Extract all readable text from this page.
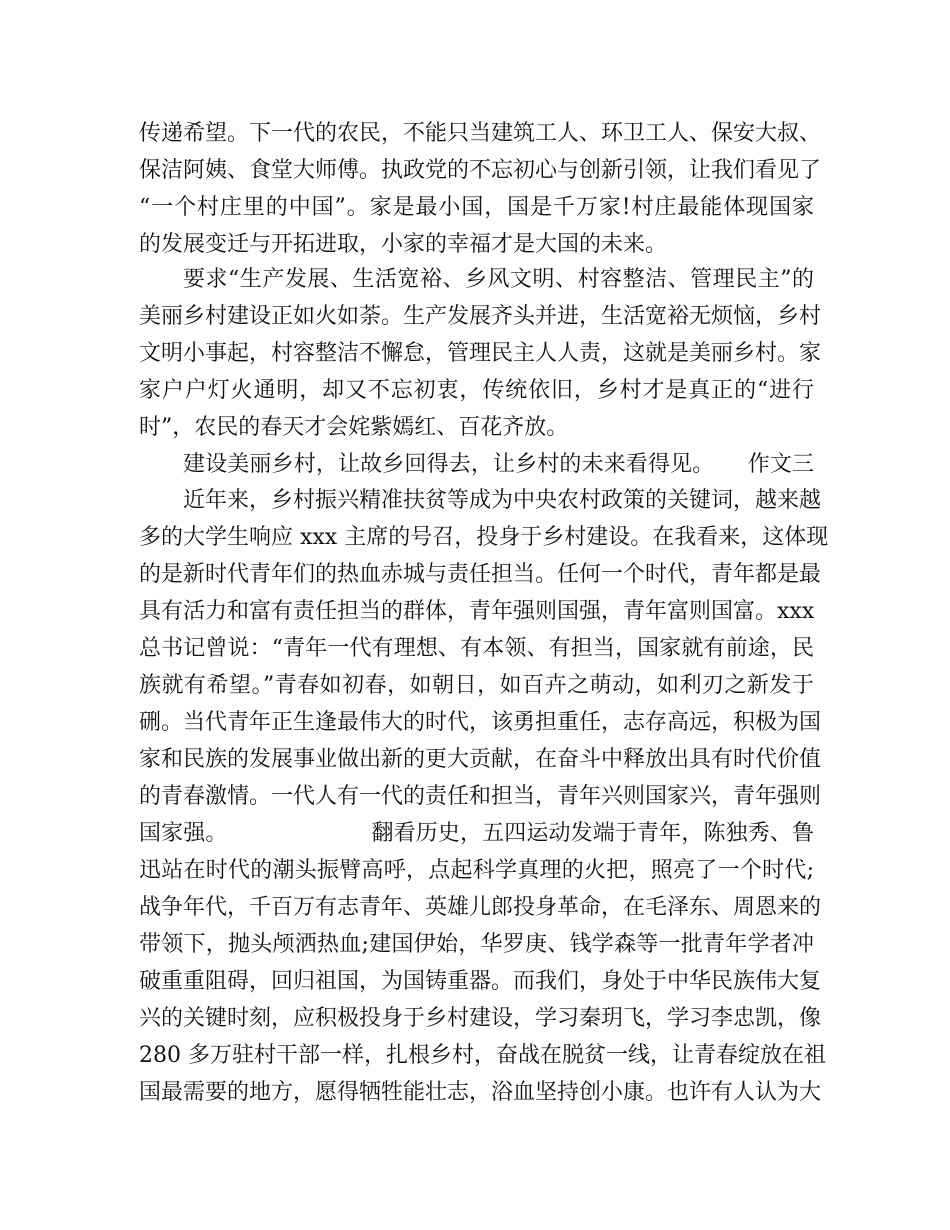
传递希望。下一代的农民，不能只当建筑工人、环卫工人、保安大叔、
保洁阿姨、食堂大师傅。执政党的不忘初心与创新引领，让我们看见了
“一个村庄里的中国”。家是最小国，国是千万家!村庄最能体现国家
的发展变迁与开拓进取，小家的幸福才是大国的未来。
要求“生产发展、生活宽裕、乡风文明、村容整洁、管理民主”的
美丽乡村建设正如火如荼。生产发展齐头并进，生活宽裕无烦恼，乡村
文明小事起，村容整洁不懈怠，管理民主人人责，这就是美丽乡村。家
家户户灯火通明，却又不忘初衷，传统依旧，乡村才是真正的“进行
时”，农民的春天才会姹紫嫣红、百花齐放。
建设美丽乡村，让故乡回得去，让乡村的未来看得见。　　作文三
近年来，乡村振兴精准扶贫等成为中央农村政策的关键词，越来越
多的大学生响应 xxx 主席的号召，投身于乡村建设。在我看来，这体现
的是新时代青年们的热血赤城与责任担当。任何一个时代，青年都是最
具有活力和富有责任担当的群体，青年强则国强，青年富则国富。xxx
总书记曾说：“青年一代有理想、有本领、有担当，国家就有前途，民
族就有希望。”青春如初春，如朝日，如百卉之萌动，如利刃之新发于
硎。当代青年正生逢最伟大的时代，该勇担重任，志存高远，积极为国
家和民族的发展事业做出新的更大贡献，在奋斗中释放出具有时代价值
的青春激情。一代人有一代的责任和担当，青年兴则国家兴，青年强则
国家强。　　　　　　　翻看历史，五四运动发端于青年，陈独秀、鲁
迅站在时代的潮头振臂高呼，点起科学真理的火把，照亮了一个时代;
战争年代，千百万有志青年、英雄儿郎投身革命，在毛泽东、周恩来的
带领下，抛头颅洒热血;建国伊始，华罗庚、钱学森等一批青年学者冲
破重重阻碍，回归祖国，为国铸重器。而我们，身处于中华民族伟大复
兴的关键时刻，应积极投身于乡村建设，学习秦玥飞，学习李忠凯，像
280 多万驻村干部一样，扎根乡村，奋战在脱贫一线，让青春绽放在祖
国最需要的地方，愿得牺牲能壮志，浴血坚持创小康。也许有人认为大
